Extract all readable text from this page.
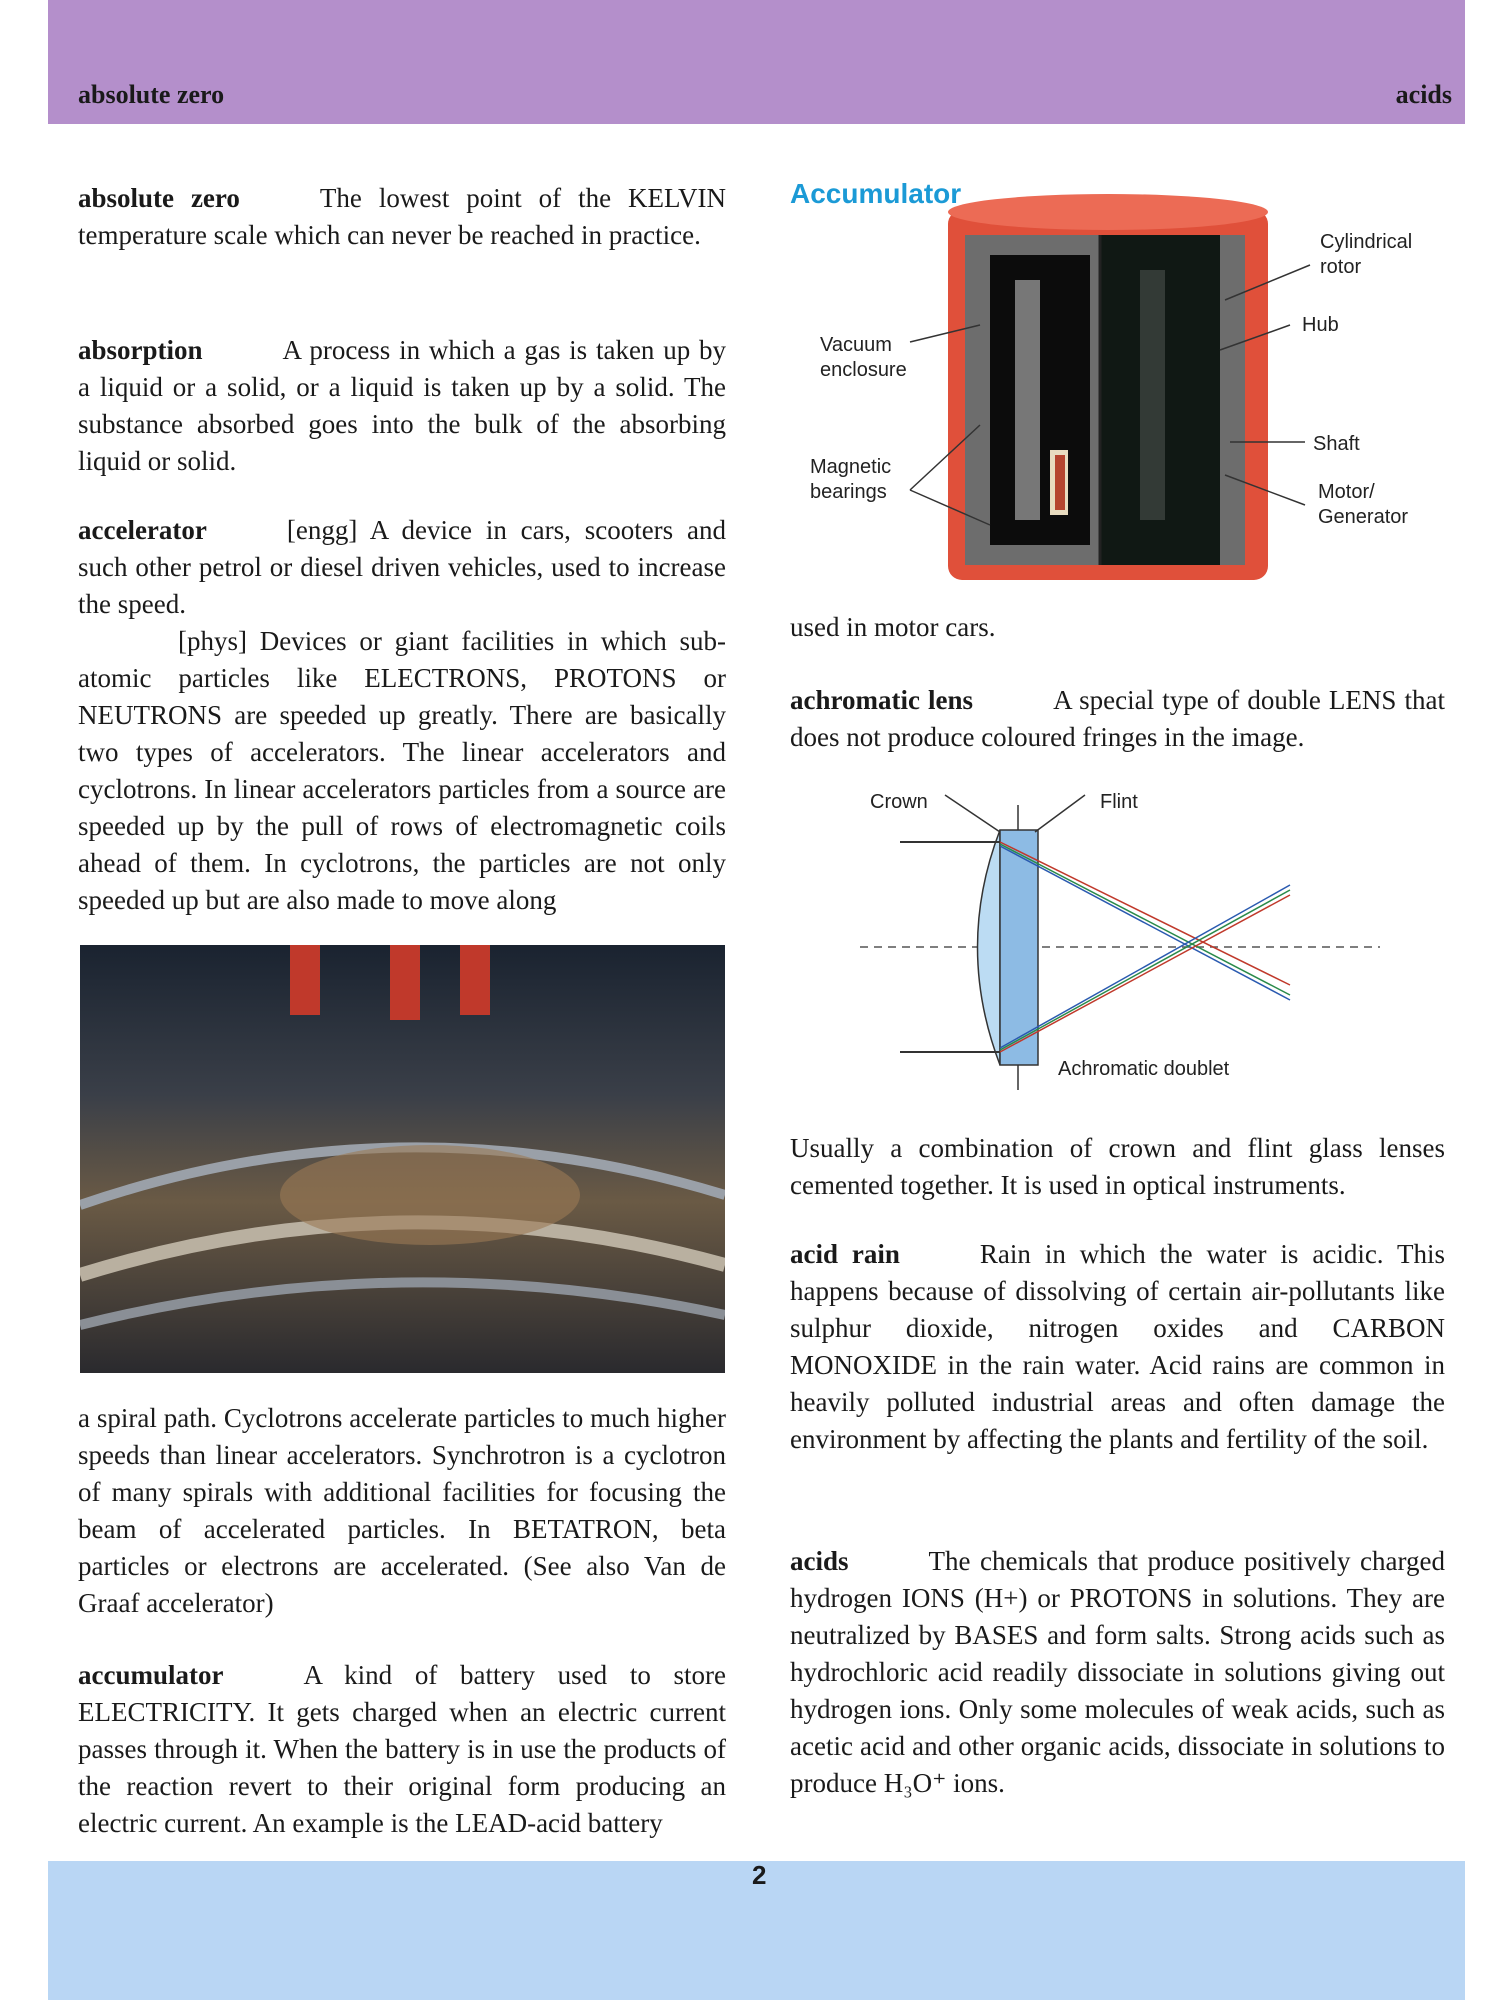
absolute zero	acids
absolute zero	The lowest point of the KELVIN temperature scale which can never be reached in practice.
absorption	A process in which a gas is taken up by a liquid or a solid, or a liquid is taken up by a solid. The substance absorbed goes into the bulk of the absorbing liquid or solid.
accelerator	[engg] A device in cars, scooters and such other petrol or diesel driven vehicles, used to increase the speed.
[phys] Devices or giant facilities in which sub-atomic particles like ELECTRONS, PROTONS or NEUTRONS are speeded up greatly. There are basically two types of accelerators. The linear accelerators and cyclotrons. In linear accelerators particles from a source are speeded up by the pull of rows of electromagnetic coils ahead of them. In cyclotrons, the particles are not only speeded up but are also made to move along
a spiral path. Cyclotrons accelerate particles to much higher speeds than linear accelerators. Synchrotron is a cyclotron of many spirals with additional facilities for focusing the beam of accelerated particles. In BETATRON, beta particles or electrons are accelerated. (See also Van de Graaf accelerator)
accumulator	A kind of battery used to store ELECTRICITY. It gets charged when an electric current passes through it. When the battery is in use the products of the reaction revert to their original form producing an electric current. An example is the LEAD-acid battery
Accumulator
Cylindrical rotor
Hub
Vacuum enclosure
Shaft
Magnetic bearings	Motor/ Generator
used in motor cars.
achromatic lens	A special type of double LENS that does not produce coloured fringes in the image.
Crown	Flint
Achromatic doublet
Usually a combination of crown and flint glass lenses cemented together. It is used in optical instruments.
acid rain	Rain in which the water is acidic. This happens because of dissolving of certain air-pollutants like sulphur dioxide, nitrogen oxides and CARBON MONOXIDE in the rain water. Acid rains are common in heavily polluted industrial areas and often damage the environment by affecting the plants and fertility of the soil.
acids	The chemicals that produce positively charged hydrogen IONS (H+) or PROTONS in solutions. They are neutralized by BASES and form salts. Strong acids such as hydrochloric acid readily dissociate in solutions giving out hydrogen ions. Only some molecules of weak acids, such as acetic acid and other organic acids, dissociate in solutions to produce H₃O⁺ ions.
2
